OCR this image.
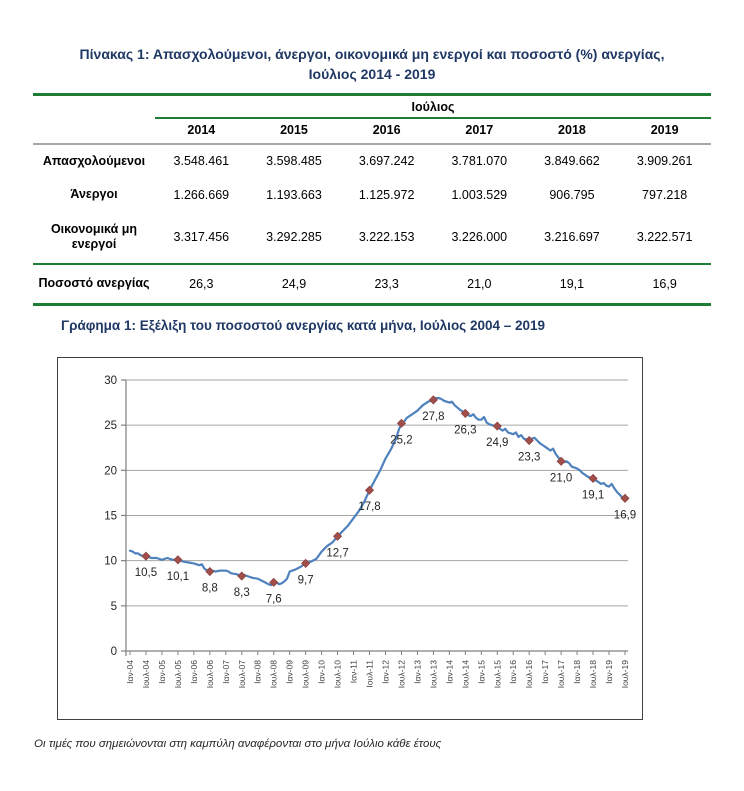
Πίνακας 1: Απασχολούμενοι, άνεργοι, οικονομικά μη ενεργοί και ποσοστό (%) ανεργίας,
Ιούλιος 2014 - 2019
	Ιούλιος					
	2014	2015	2016	2017	2018	2019
Απασχολούμενοι	3.548.461	3.598.485	3.697.242	3.781.070	3.849.662	3.909.261
Άνεργοι	1.266.669	1.193.663	1.125.972	1.003.529	906.795	797.218
Οικονομικά μη ενεργοί	3.317.456	3.292.285	3.222.153	3.226.000	3.216.697	3.222.571
Ποσοστό ανεργίας	26,3	24,9	23,3	21,0	19,1	16,9
Γράφημα 1: Εξέλιξη του ποσοστού ανεργίας κατά μήνα, Ιούλιος 2004 – 2019
0
5
10
15
20
25
30
Ιαν-04 Ιουλ-04 Ιαν-05 Ιουλ-05 Ιαν-06 Ιουλ-06 Ιαν-07 Ιουλ-07 Ιαν-08 Ιουλ-08 Ιαν-09 Ιουλ-09 Ιαν-10 Ιουλ-10 Ιαν-11 Ιουλ-11 Ιαν-12 Ιουλ-12 Ιαν-13 Ιουλ-13 Ιαν-14 Ιουλ-14 Ιαν-15 Ιουλ-15 Ιαν-16 Ιουλ-16 Ιαν-17 Ιουλ-17 Ιαν-18 Ιουλ-18 Ιαν-19 Ιουλ-19
10,5 10,1
8,8 8,3
7,6
9,7
12,7
17,8
25,2
27,8
26,3
24,9
23,3
21,0
19,1
16,9
Οι τιμές που σημειώνονται στη καμπύλη αναφέρονται στο μήνα Ιούλιο κάθε έτους
